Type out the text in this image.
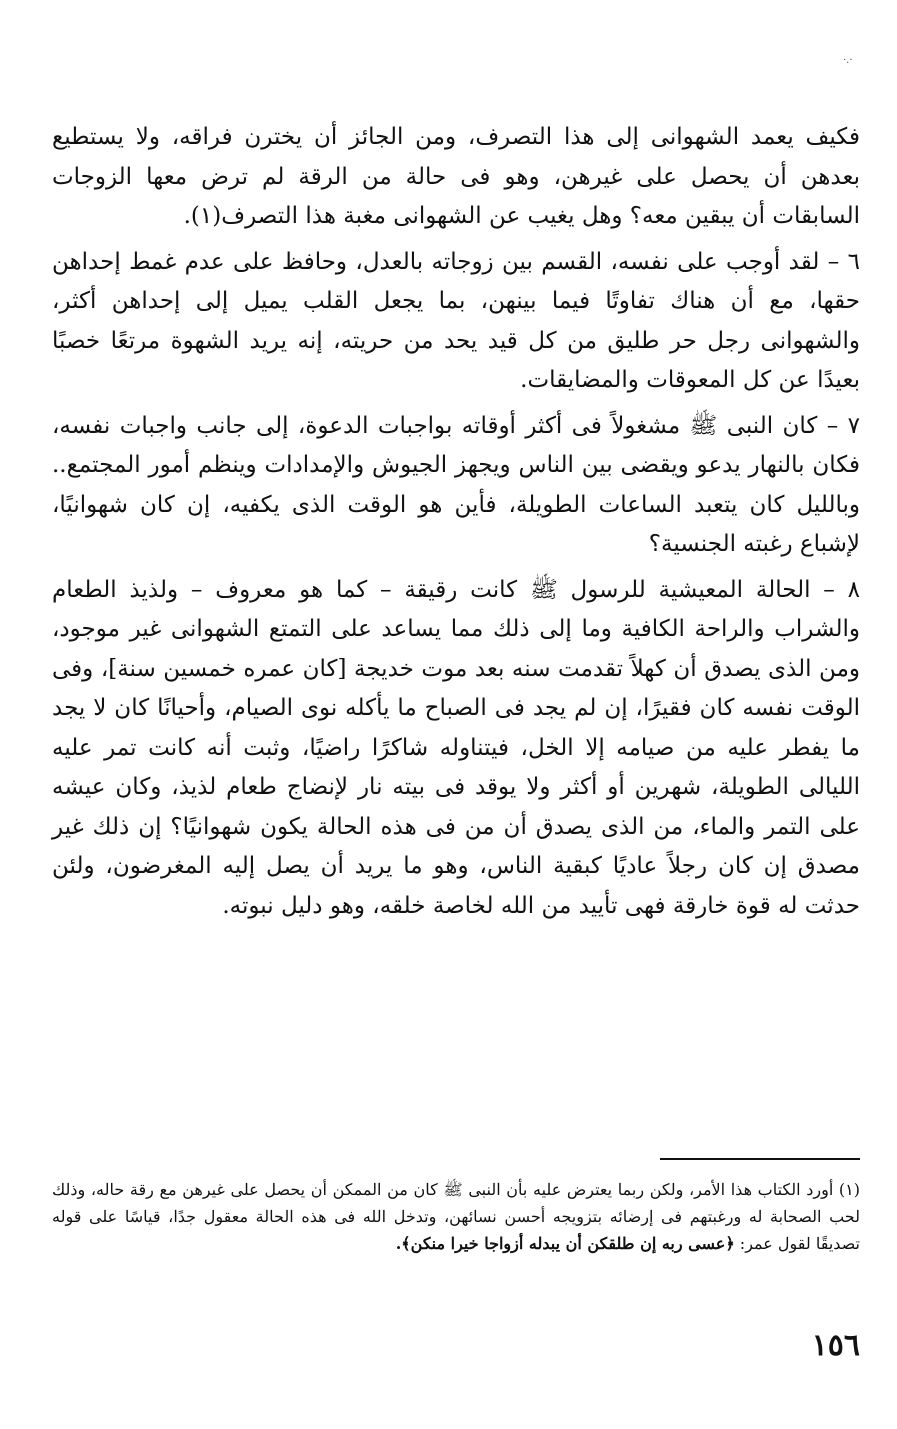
·.·

فكيف يعمد الشهوانى إلى هذا التصرف، ومن الجائز أن يخترن فراقه، ولا يستطيع بعدهن أن يحصل على غيرهن، وهو فى حالة من الرقة لم ترض معها الزوجات السابقات أن يبقين معه؟ وهل يغيب عن الشهوانى مغبة هذا التصرف(١).

٦ – لقد أوجب على نفسه، القسم بين زوجاته بالعدل، وحافظ على عدم غمط إحداهن حقها، مع أن هناك تفاوتًا فيما بينهن، بما يجعل القلب يميل إلى إحداهن أكثر، والشهوانى رجل حر طليق من كل قيد يحد من حريته، إنه يريد الشهوة مرتعًا خصبًا بعيدًا عن كل المعوقات والمضايقات.

٧ – كان النبى ﷺ مشغولاً فى أكثر أوقاته بواجبات الدعوة، إلى جانب واجبات نفسه، فكان بالنهار يدعو ويقضى بين الناس ويجهز الجيوش والإمدادات وينظم أمور المجتمع.. وبالليل كان يتعبد الساعات الطويلة، فأين هو الوقت الذى يكفيه، إن كان شهوانيًا، لإشباع رغبته الجنسية؟

٨ – الحالة المعيشية للرسول ﷺ كانت رقيقة – كما هو معروف – ولذيذ الطعام والشراب والراحة الكافية وما إلى ذلك مما يساعد على التمتع الشهوانى غير موجود، ومن الذى يصدق أن كهلاً تقدمت سنه بعد موت خديجة [كان عمره خمسين سنة]، وفى الوقت نفسه كان فقيرًا، إن لم يجد فى الصباح ما يأكله نوى الصيام، وأحيانًا كان لا يجد ما يفطر عليه من صيامه إلا الخل، فيتناوله شاكرًا راضيًا، وثبت أنه كانت تمر عليه الليالى الطويلة، شهرين أو أكثر ولا يوقد فى بيته نار لإنضاج طعام لذيذ، وكان عيشه على التمر والماء، من الذى يصدق أن من فى هذه الحالة يكون شهوانيًا؟ إن ذلك غير مصدق إن كان رجلاً عاديًا كبقية الناس، وهو ما يريد أن يصل إليه المغرضون، ولئن حدثت له قوة خارقة فهى تأييد من الله لخاصة خلقه، وهو دليل نبوته.

(١) أورد الكتاب هذا الأمر، ولكن ربما يعترض عليه بأن النبى ﷺ كان من الممكن أن يحصل على غيرهن مع رقة حاله، وذلك لحب الصحابة له ورغبتهم فى إرضائه بتزويجه أحسن نسائهن، وتدخل الله فى هذه الحالة معقول جدًا، قياسًا على قوله تصديقًا لقول عمر: ﴿عسى ربه إن طلقكن أن يبدله أزواجا خيرا منكن﴾.
١٥٦
